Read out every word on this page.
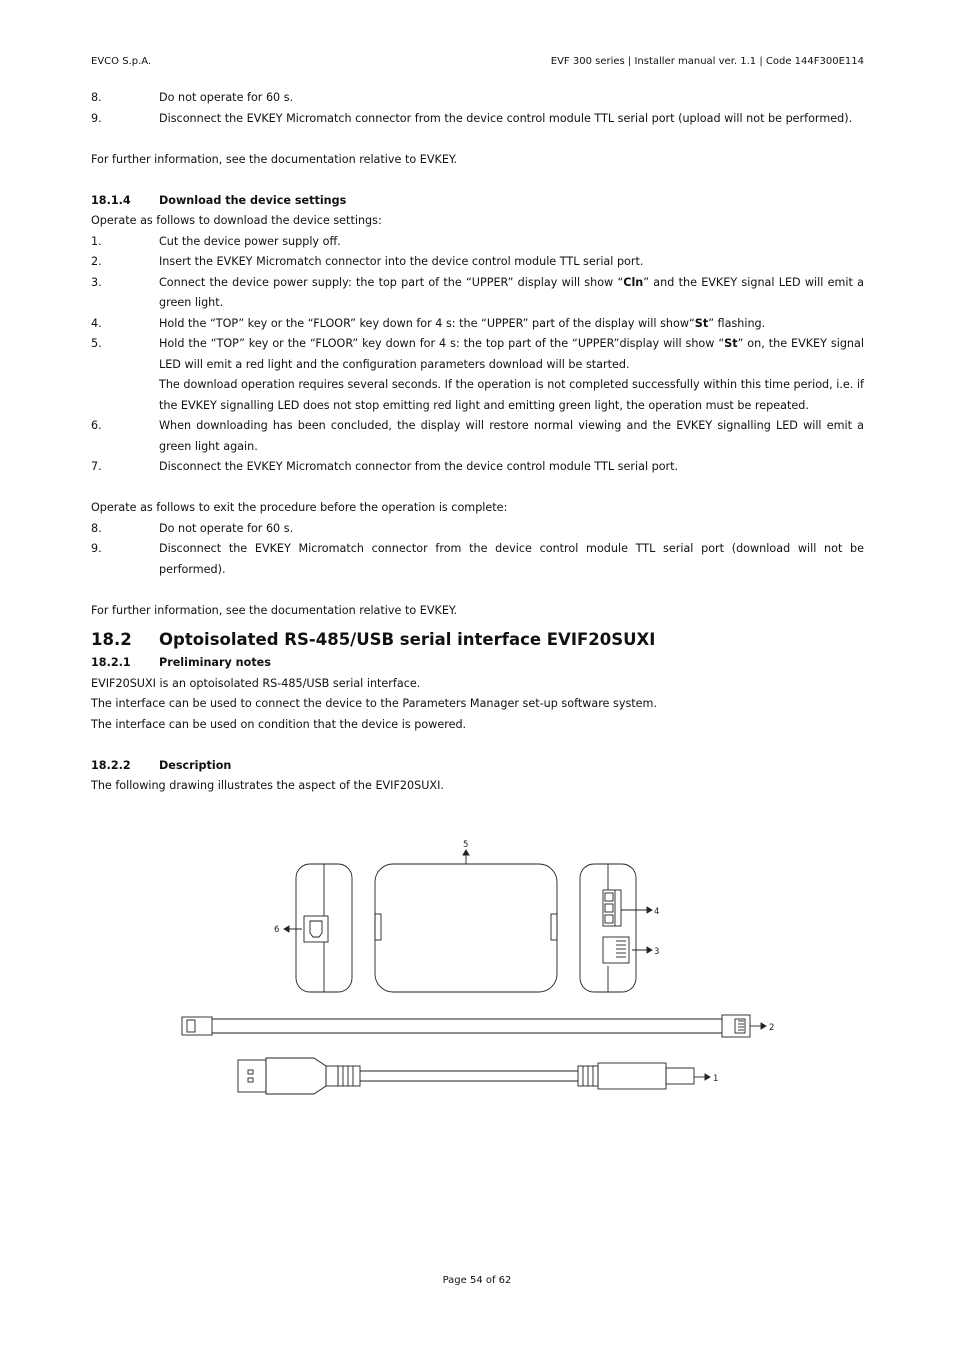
EVCO S.p.A.	EVF 300 series | Installer manual ver. 1.1 | Code 144F300E114
8.	Do not operate for 60 s.
9.	Disconnect the EVKEY Micromatch connector from the device control module TTL serial port (upload will not be performed).
For further information, see the documentation relative to EVKEY.
18.1.4	Download the device settings
Operate as follows to download the device settings:
1.	Cut the device power supply off.
2.	Insert the EVKEY Micromatch connector into the device control module TTL serial port.
3.	Connect the device power supply: the top part of the “UPPER” display will show “Cln” and the EVKEY signal LED will emit a green light.
4.	Hold the “TOP” key or the “FLOOR” key down for 4 s: the “UPPER” part of the display will show“St” flashing.
5.	Hold the “TOP” key or the “FLOOR” key down for 4 s: the top part of the “UPPER”display will show “St” on, the EVKEY signal LED will emit a red light and the configuration parameters download will be started.
The download operation requires several seconds. If the operation is not completed successfully within this time period, i.e. if the EVKEY signalling LED does not stop emitting red light and emitting green light, the operation must be repeated.
6.	When downloading has been concluded, the display will restore normal viewing and the EVKEY signalling LED will emit a green light again.
7.	Disconnect the EVKEY Micromatch connector from the device control module TTL serial port.
Operate as follows to exit the procedure before the operation is complete:
8.	Do not operate for 60 s.
9.	Disconnect the EVKEY Micromatch connector from the device control module TTL serial port (download will not be performed).
For further information, see the documentation relative to EVKEY.
18.2	Optoisolated RS-485/USB serial interface EVIF20SUXI
18.2.1	Preliminary notes
EVIF20SUXI is an optoisolated RS-485/USB serial interface.
The interface can be used to connect the device to the Parameters Manager set-up software system.
The interface can be used on condition that the device is powered.
18.2.2	Description
The following drawing illustrates the aspect of the EVIF20SUXI.
1
2
3
4
5
6
Page 54 of 62
